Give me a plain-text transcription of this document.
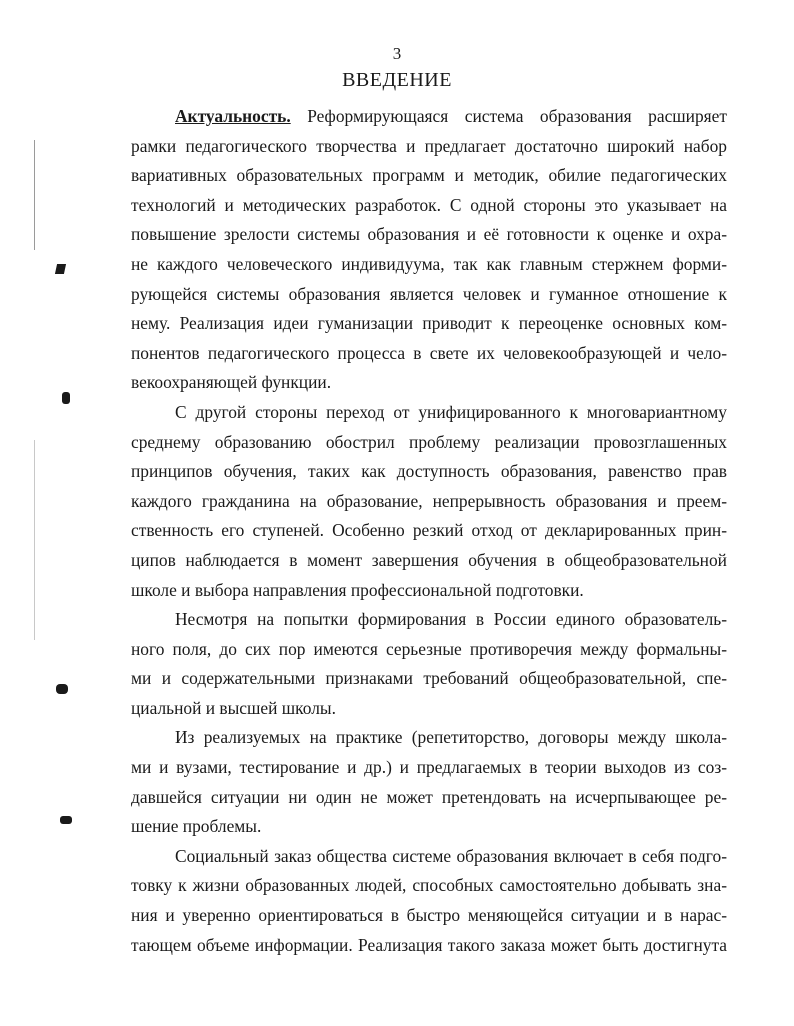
3
ВВЕДЕНИЕ

Актуальность. Реформирующаяся система образования расширяет
рамки педагогического творчества и предлагает достаточно широкий набор
вариативных образовательных программ и методик, обилие педагогических
технологий и методических разработок. С одной стороны это указывает на
повышение зрелости системы образования и её готовности к оценке и охра-
не каждого человеческого индивидуума, так как главным стержнем форми-
рующейся системы образования является человек и гуманное отношение к
нему. Реализация идеи гуманизации приводит к переоценке основных ком-
понентов педагогического процесса в свете их человекообразующей и чело-
векоохраняющей функции.

С другой стороны переход от унифицированного к многовариантному
среднему образованию обострил проблему реализации провозглашенных
принципов обучения, таких как доступность образования, равенство прав
каждого гражданина на образование, непрерывность образования и преем-
ственность его ступеней. Особенно резкий отход от декларированных прин-
ципов наблюдается в момент завершения обучения в общеобразовательной
школе и выбора направления профессиональной подготовки.

Несмотря на попытки формирования в России единого образователь-
ного поля, до сих пор имеются серьезные противоречия между формальны-
ми и содержательными признаками требований общеобразовательной, спе-
циальной и высшей школы.

Из реализуемых на практике (репетиторство, договоры между школа-
ми и вузами, тестирование и др.) и предлагаемых в теории выходов из соз-
давшейся ситуации ни один не может претендовать на исчерпывающее ре-
шение проблемы.

Социальный заказ общества системе образования включает в себя подго-
товку к жизни образованных людей, способных самостоятельно добывать зна-
ния и уверенно ориентироваться в быстро меняющейся ситуации и в нарас-
тающем объеме информации. Реализация такого заказа может быть достигнута
